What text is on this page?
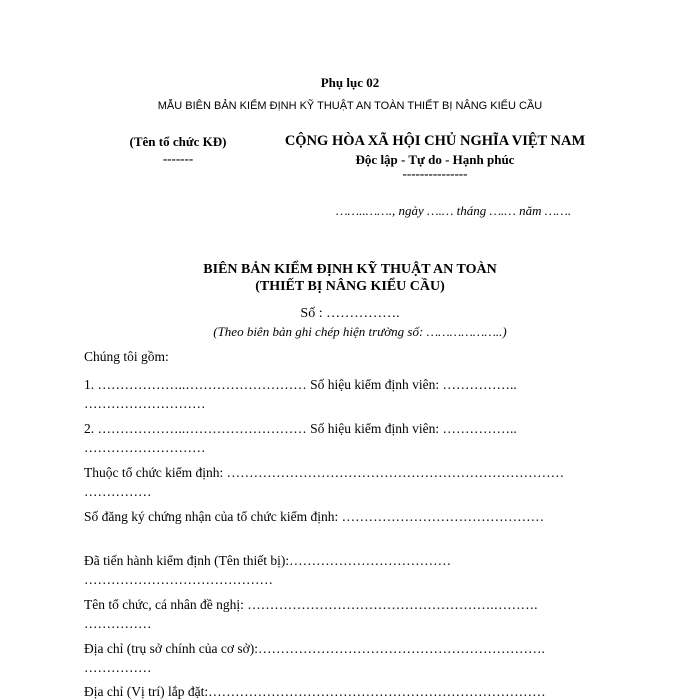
Phụ lục 02
MẪU BIÊN BẢN KIỂM ĐỊNH KỸ THUẬT AN TOÀN THIẾT BỊ NÂNG KIỂU CẦU
(Tên tổ chức KĐ)
-------
CỘNG HÒA XÃ HỘI CHỦ NGHĨA VIỆT NAM
Độc lập - Tự do - Hạnh phúc
---------------
……..……., ngày ….… tháng ….… năm …….
BIÊN BẢN KIỂM ĐỊNH KỸ THUẬT AN TOÀN
(THIẾT BỊ NÂNG KIỂU CẦU)
Số : …………….
(Theo biên bản ghi chép hiện trường số: ………………..)
Chúng tôi gồm:
1. ………………..……………………… Số hiệu kiểm định viên: ……………..
………………………
2. ………………..……………………… Số hiệu kiểm định viên: ……………..
………………………
Thuộc tổ chức kiểm định: …………………………………………………………………
……………
Số đăng ký chứng nhận của tổ chức kiểm định: ………………………………………
Đã tiến hành kiểm định (Tên thiết bị):………………………………
……………………………………
Tên tổ chức, cá nhân đề nghị: ……………………………………………….……….
……………
Địa chỉ (trụ sở chính của cơ sở):……………………………………………………….
……………
Địa chỉ (Vị trí) lắp đặt:…………………………………………………………………
